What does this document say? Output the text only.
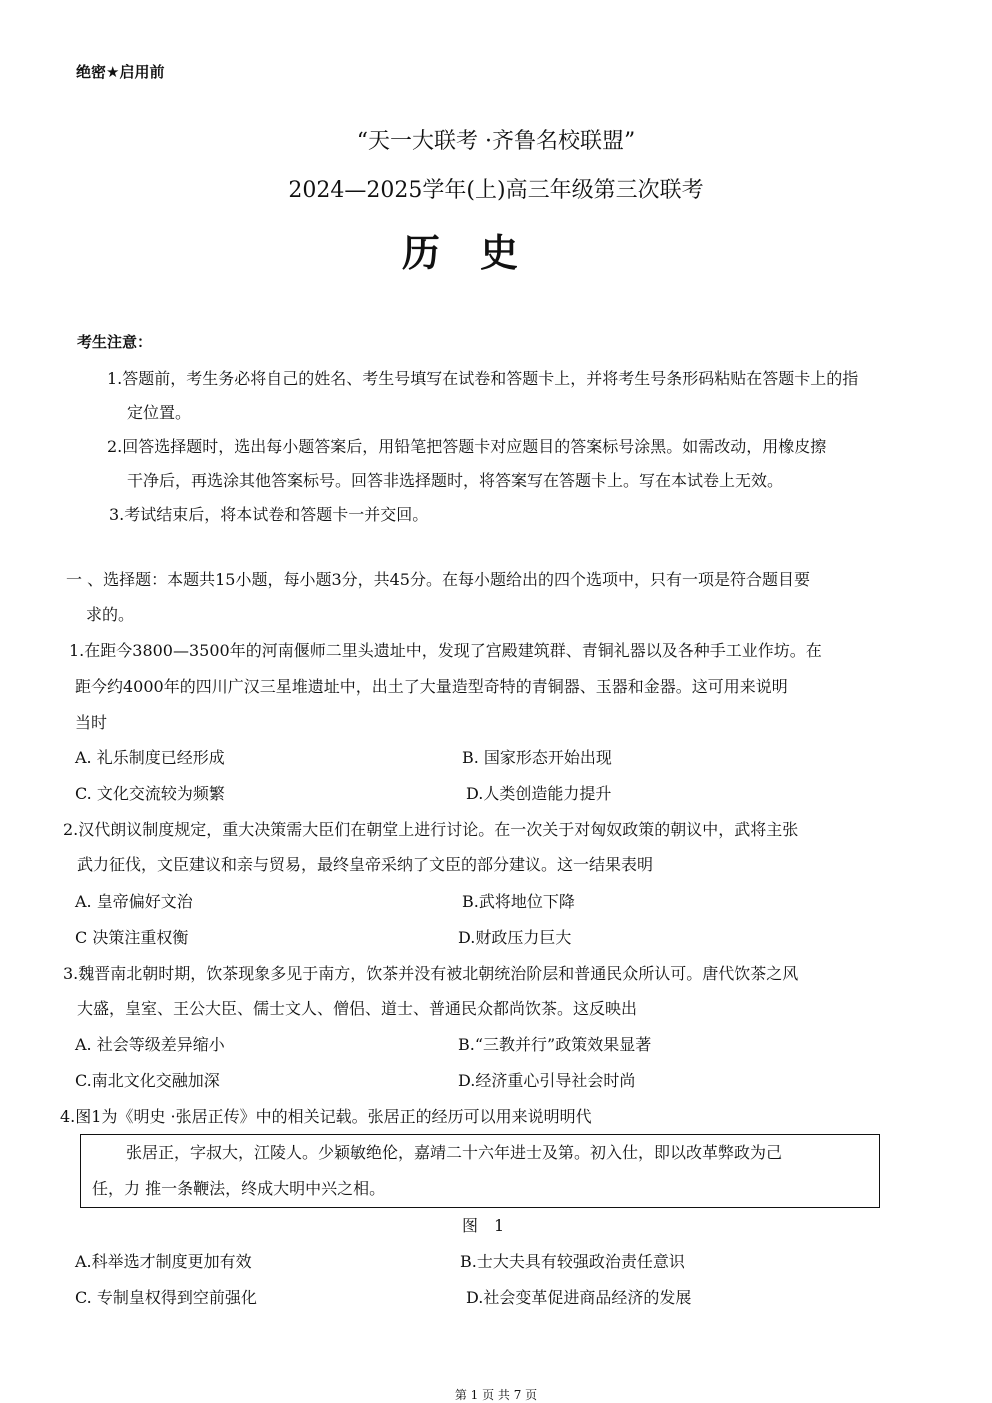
绝密★启用前
“天一大联考 ·齐鲁名校联盟”
2024—2025学年(上)高三年级第三次联考
历史
考生注意：
1.答题前，考生务必将自己的姓名、考生号填写在试卷和答题卡上，并将考生号条形码粘贴在答题卡上的指
定位置。
2.回答选择题时，选出每小题答案后，用铅笔把答题卡对应题目的答案标号涂黑。如需改动，用橡皮擦
干净后，再选涂其他答案标号。回答非选择题时，将答案写在答题卡上。写在本试卷上无效。
3.考试结束后，将本试卷和答题卡一并交回。
一 、选择题：本题共15小题，每小题3分，共45分。在每小题给出的四个选项中，只有一项是符合题目要
求的。
1.在距今3800—3500年的河南偃师二里头遗址中，发现了宫殿建筑群、青铜礼器以及各种手工业作坊。在
距今约4000年的四川广汉三星堆遗址中，出土了大量造型奇特的青铜器、玉器和金器。这可用来说明
当时
A. 礼乐制度已经形成	B. 国家形态开始出现
C. 文化交流较为频繁	D.人类创造能力提升
2.汉代朗议制度规定，重大决策需大臣们在朝堂上进行讨论。在一次关于对匈奴政策的朝议中，武将主张
武力征伐，文臣建议和亲与贸易，最终皇帝采纳了文臣的部分建议。这一结果表明
A. 皇帝偏好文治	B.武将地位下降
C 决策注重权衡	D.财政压力巨大
3.魏晋南北朝时期，饮茶现象多见于南方，饮茶并没有被北朝统治阶层和普通民众所认可。唐代饮茶之风
大盛，皇室、王公大臣、儒士文人、僧侣、道士、普通民众都尚饮茶。这反映出
A. 社会等级差异缩小	B.“三教并行”政策效果显著
C.南北文化交融加深	D.经济重心引导社会时尚
4.图1为《明史 ·张居正传》中的相关记载。张居正的经历可以用来说明明代
张居正，字叔大，江陵人。少颖敏绝伦，嘉靖二十六年进士及第。初入仕，即以改革弊政为己
任，力 推一条鞭法，终成大明中兴之相。
图　1
A.科举选才制度更加有效	B.士大夫具有较强政治责任意识
C. 专制皇权得到空前强化	D.社会变革促进商品经济的发展
第 1 页 共 7 页
